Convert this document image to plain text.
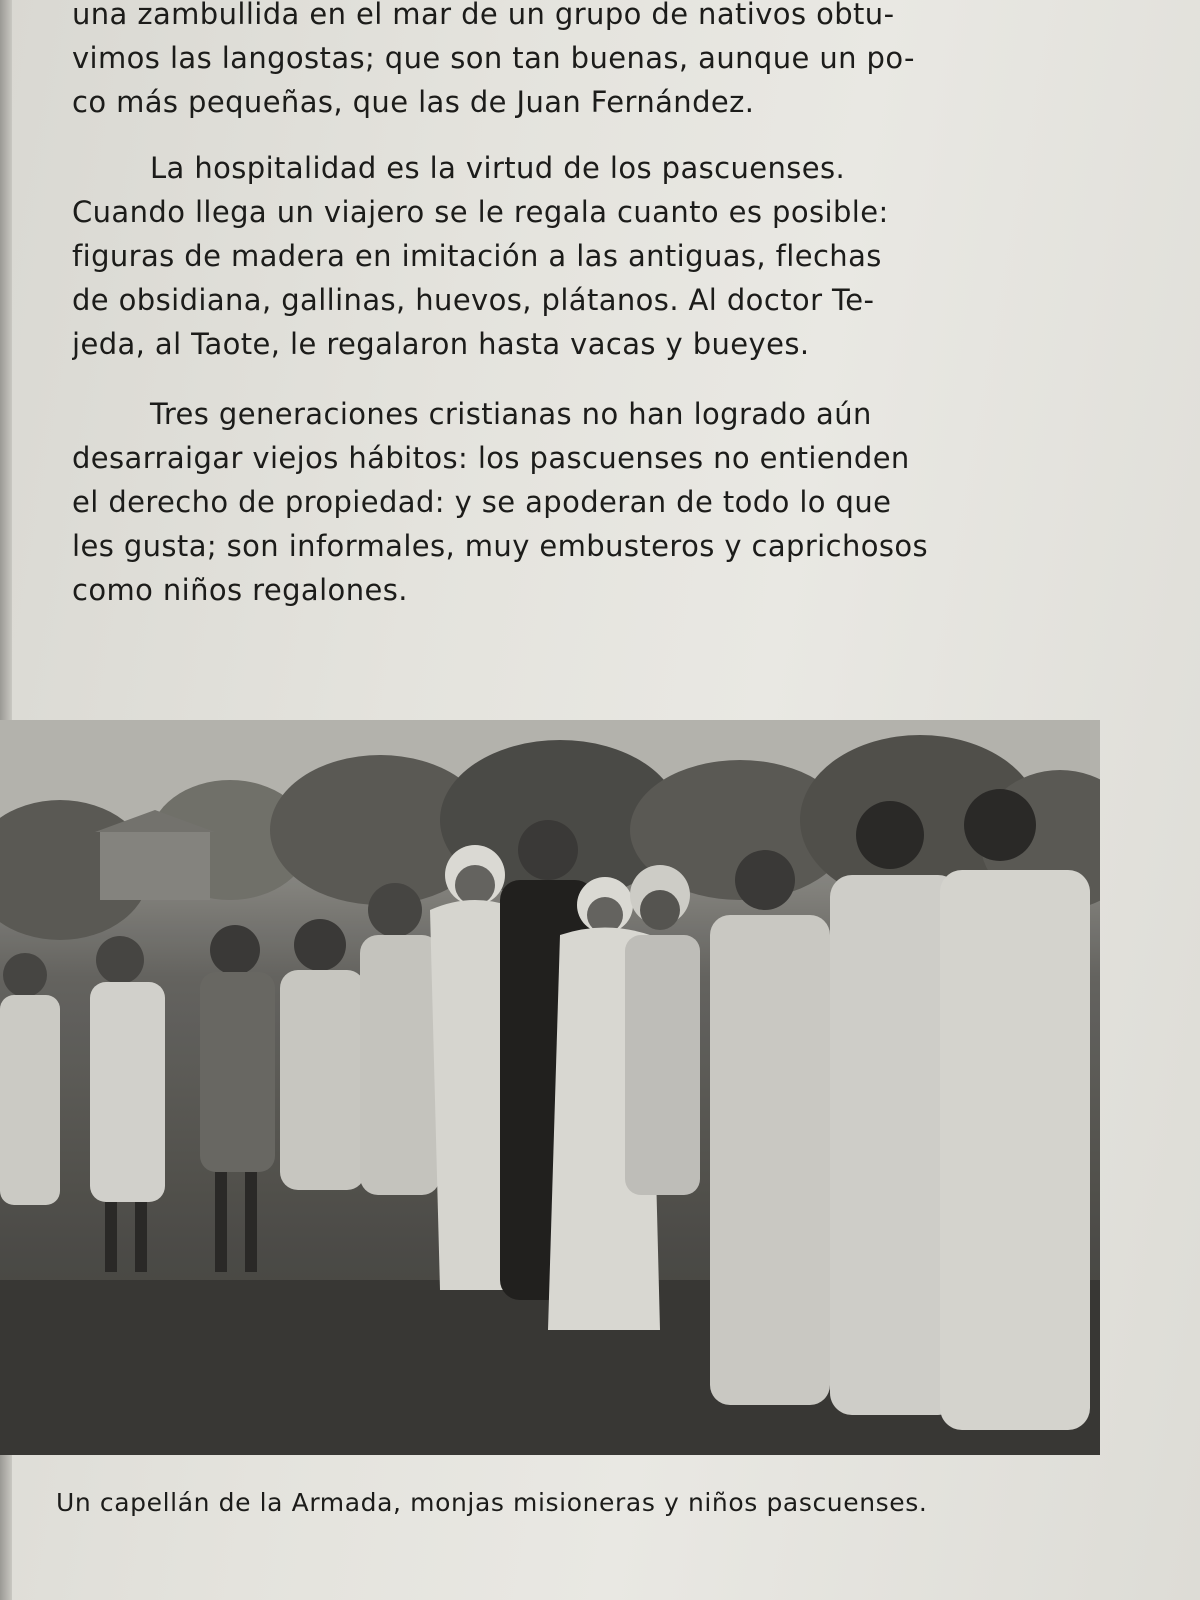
una zambullida en el mar de un grupo de nativos obtu-
vimos las langostas; que son tan buenas, aunque un po-
co más pequeñas, que las de Juan Fernández.
La hospitalidad es la virtud de los pascuenses.
Cuando llega un viajero se le regala cuanto es posible:
figuras de madera en imitación a las antiguas, flechas
de obsidiana, gallinas, huevos, plátanos. Al doctor Te-
jeda, al Taote, le regalaron hasta vacas y bueyes.
Tres generaciones cristianas no han logrado aún
desarraigar viejos hábitos: los pascuenses no entienden
el derecho de propiedad: y se apoderan de todo lo que
les gusta; son informales, muy embusteros y caprichosos
como niños regalones.

Un capellán de la Armada, monjas misioneras y niños pascuenses.
